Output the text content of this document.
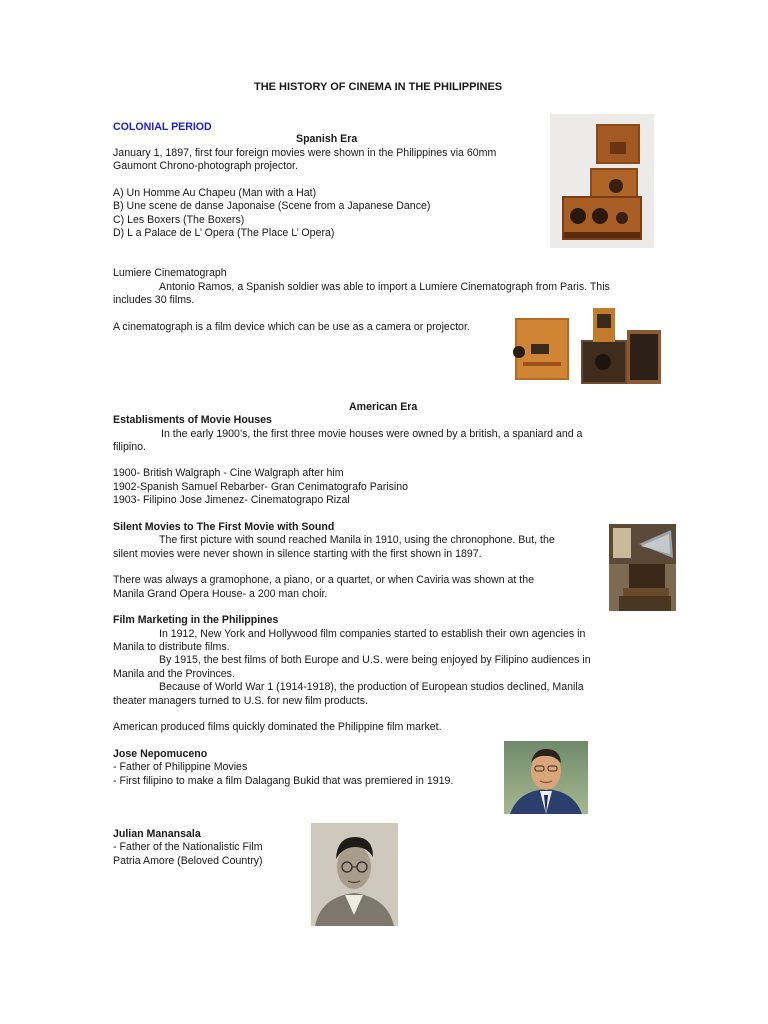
THE HISTORY OF CINEMA IN THE PHILIPPINES
COLONIAL PERIOD
Spanish Era
January 1, 1897, first four foreign movies were shown in the Philippines via 60mm
Gaumont Chrono-photograph projector.
A) Un Homme Au Chapeu (Man with a Hat)
B) Une scene de danse Japonaise (Scene from a Japanese Dance)
C) Les Boxers (The Boxers)
D) L a Palace de L’ Opera (The Place L’ Opera)
Lumiere Cinematograph
Antonio Ramos, a Spanish soldier was able to import a Lumiere Cinematograph from Paris. This
includes 30 films.
A cinematograph is a film device which can be use as a camera or projector.
American Era
Establisments of Movie Houses
In the early 1900’s, the first three movie houses were owned by a british, a spaniard and a
filipino.
1900- British Walgraph - Cine Walgraph after him
1902-Spanish Samuel Rebarber- Gran Cenimatografo Parisino
1903- Filipino Jose Jimenez- Cinematograpo Rizal
Silent Movies to The First Movie with Sound
The first picture with sound reached Manila in 1910, using the chronophone. But, the
silent movies were never shown in silence starting with the first shown in 1897.
There was always a gramophone, a piano, or a quartet, or when Caviria was shown at the
Manila Grand Opera House- a 200 man choir.
Film Marketing in the Philippines
In 1912, New York and Hollywood film companies started to establish their own agencies in
Manila to distribute films.
By 1915, the best films of both Europe and U.S. were being enjoyed by Filipino audiences in
Manila and the Provinces.
Because of World War 1 (1914-1918), the production of European studios declined, Manila
theater managers turned to U.S. for new film products.
American produced films quickly dominated the Philippine film market.
Jose Nepomuceno
- Father of Philippine Movies
- First filipino to make a film Dalagang Bukid that was premiered in 1919.
Julian Manansala
- Father of the Nationalistic Film
Patria Amore (Beloved Country)
